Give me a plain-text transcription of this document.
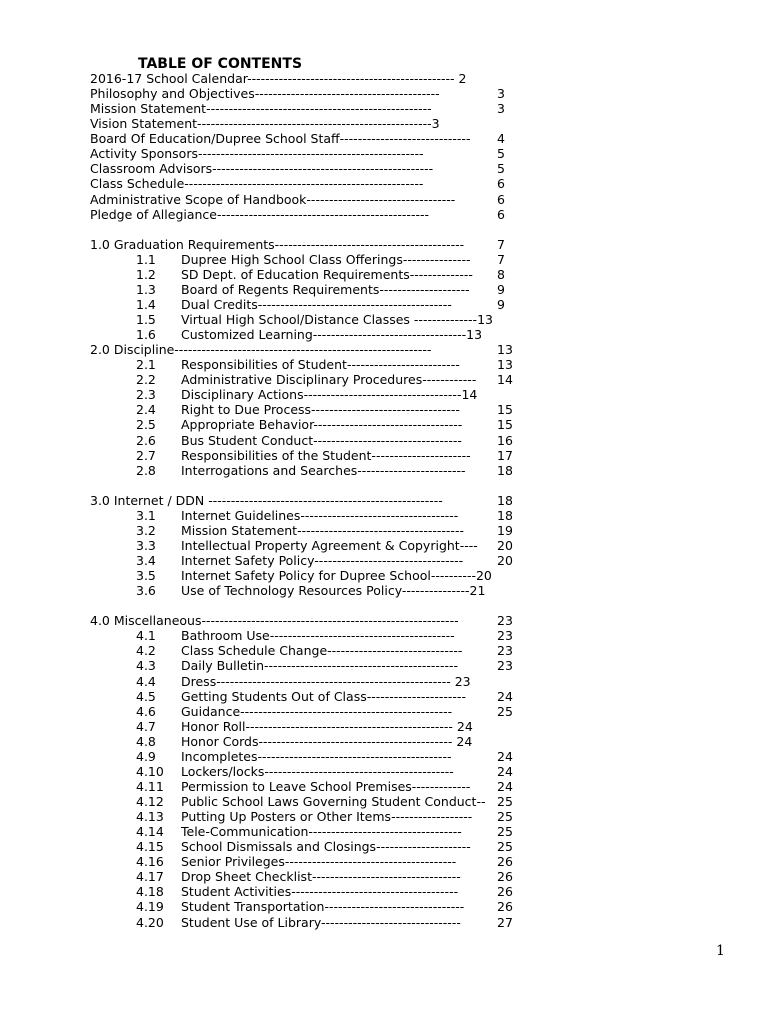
TABLE OF CONTENTS
2016-17 School Calendar---------------------------------------------- 2
Philosophy and Objectives-----------------------------------------	3
Mission Statement--------------------------------------------------	3
Vision Statement----------------------------------------------------3
Board Of Education/Dupree School Staff----------------------------- 4
Activity Sponsors--------------------------------------------------	5
Classroom Advisors-------------------------------------------------	5
Class Schedule-----------------------------------------------------	6
Administrative Scope of Handbook---------------------------------	6
Pledge of Allegiance-----------------------------------------------	6
1.0 Graduation Requirements------------------------------------------	7
1.1 Dupree High School Class Offerings--------------- 7
1.2 SD Dept. of Education Requirements-------------- 8
1.3 Board of Regents Requirements-------------------- 9
1.4 Dual Credits-------------------------------------------	9
1.5 Virtual High School/Distance Classes --------------13
1.6 Customized Learning----------------------------------13
2.0 Discipline---------------------------------------------------------	13
2.1 Responsibilities of Student-------------------------	13
2.2 Administrative Disciplinary Procedures------------ 14
2.3 Disciplinary Actions-----------------------------------14
2.4 Right to Due Process---------------------------------	15
2.5 Appropriate Behavior---------------------------------	15
2.6 Bus Student Conduct---------------------------------	16
2.7 Responsibilities of the Student---------------------- 17
2.8 Interrogations and Searches------------------------	18
3.0 Internet / DDN ----------------------------------------------------	18
3.1 Internet Guidelines-----------------------------------	18
3.2 Mission Statement-------------------------------------	19
3.3 Intellectual Property Agreement & Copyright---- 20
3.4 Internet Safety Policy---------------------------------	20
3.5 Internet Safety Policy for Dupree School----------20
3.6 Use of Technology Resources Policy---------------21
4.0 Miscellaneous---------------------------------------------------------	23
4.1 Bathroom Use-----------------------------------------	23
4.2 Class Schedule Change------------------------------	23
4.3 Daily Bulletin-------------------------------------------	23
4.4 Dress---------------------------------------------------- 23
4.5 Getting Students Out of Class---------------------- 24
4.6 Guidance-----------------------------------------------	25
4.7 Honor Roll---------------------------------------------- 24
4.8 Honor Cords------------------------------------------- 24
4.9 Incompletes-------------------------------------------	24
4.10 Lockers/locks------------------------------------------	24
4.11 Permission to Leave School Premises------------- 24
4.12 Public School Laws Governing Student Conduct-- 25
4.13 Putting Up Posters or Other Items------------------ 25
4.14 Tele-Communication----------------------------------	25
4.15 School Dismissals and Closings--------------------- 25
4.16 Senior Privileges--------------------------------------	26
4.17 Drop Sheet Checklist---------------------------------	26
4.18 Student Activities-------------------------------------	26
4.19 Student Transportation-------------------------------	26
4.20 Student Use of Library-------------------------------	27
1
